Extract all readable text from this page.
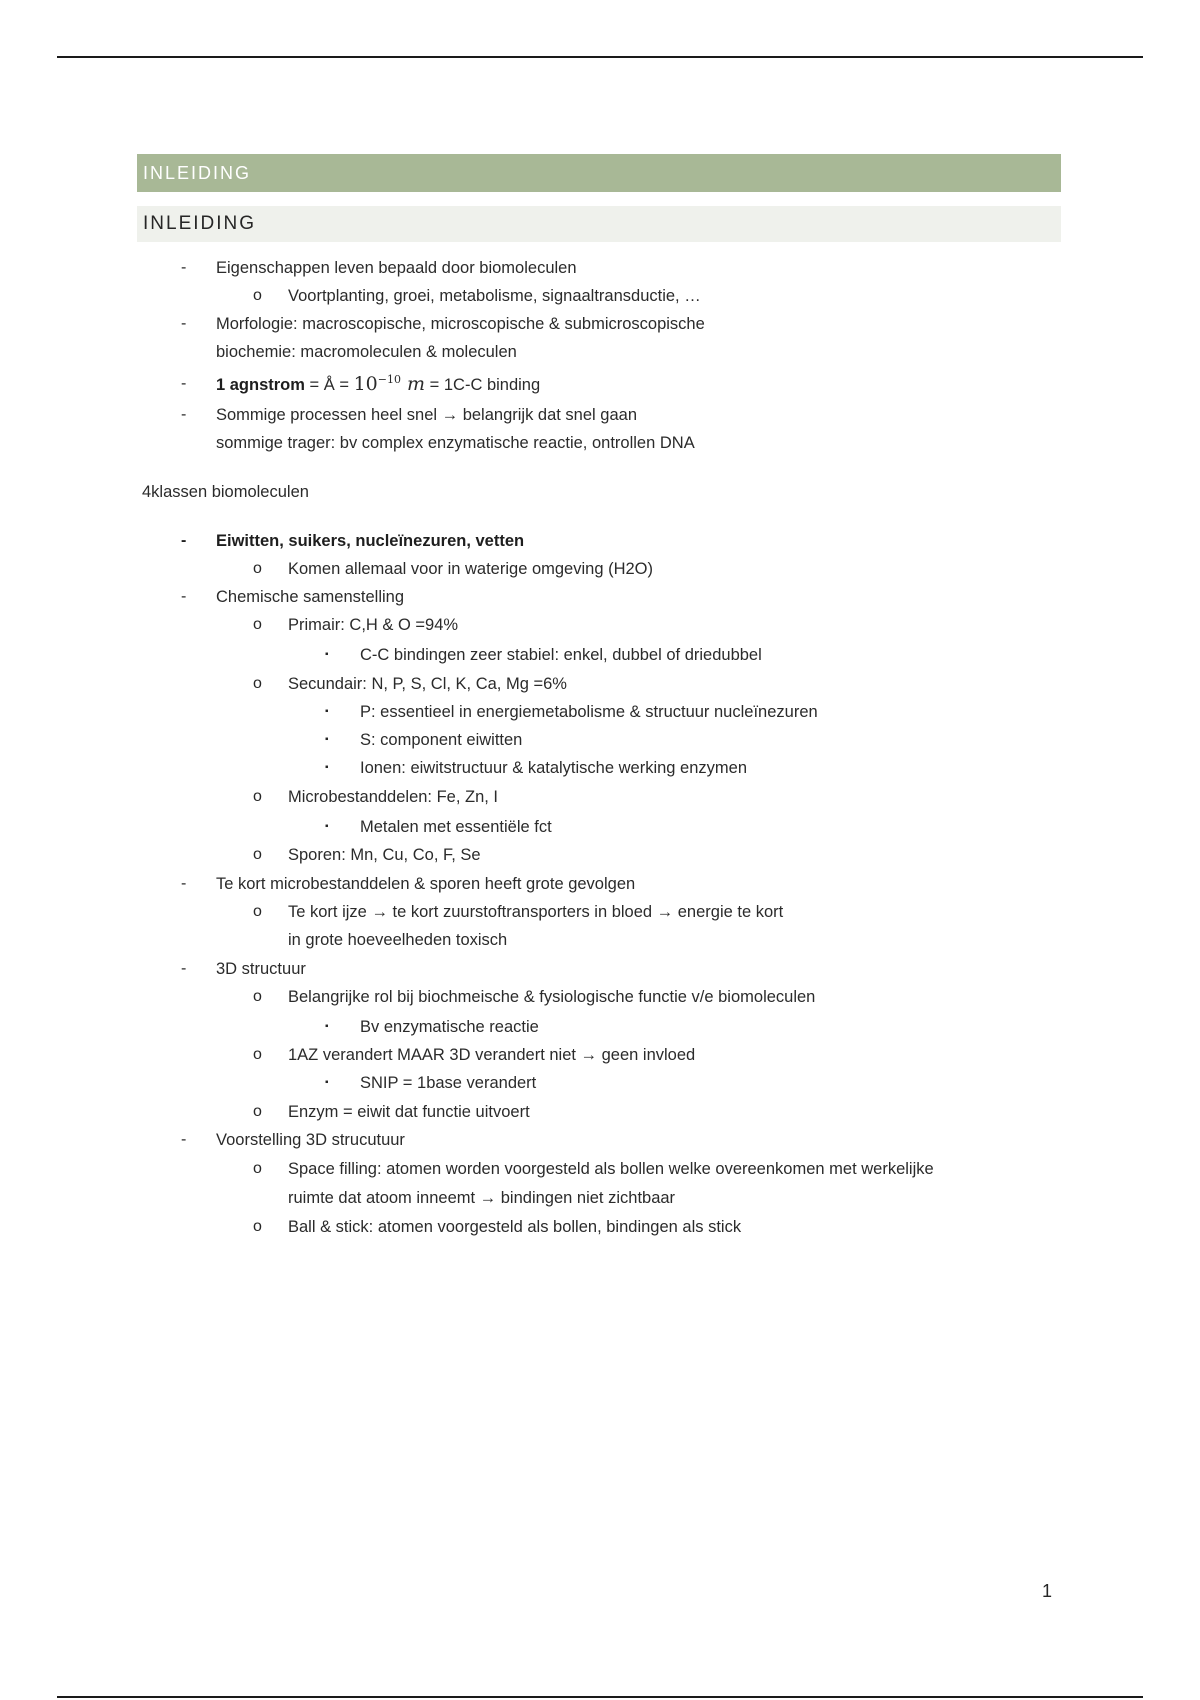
INLEIDING
INLEIDING
- Eigenschappen leven bepaald door biomoleculen
o Voortplanting, groei, metabolisme, signaaltransductie, …
- Morfologie: macroscopische, microscopische & submicroscopische
biochemie: macromoleculen & moleculen
- 1 agnstrom = Å = $10^{-10}$ m = 1C-C binding
- Sommige processen heel snel → belangrijk dat snel gaan
sommige trager: bv complex enzymatische reactie, ontrollen DNA
4klassen biomoleculen
- Eiwitten, suikers, nucleïnezuren, vetten
o Komen allemaal voor in waterige omgeving (H2O)
- Chemische samenstelling
o Primair: C,H & O =94%
▪ C-C bindingen zeer stabiel: enkel, dubbel of driedubbel
o Secundair: N, P, S, Cl, K, Ca, Mg =6%
▪ P: essentieel in energiemetabolisme & structuur nucleïnezuren
▪ S: component eiwitten
▪ Ionen: eiwitstructuur & katalytische werking enzymen
o Microbestanddelen: Fe, Zn, I
▪ Metalen met essentiële fct
o Sporen: Mn, Cu, Co, F, Se
- Te kort microbestanddelen & sporen heeft grote gevolgen
o Te kort ijze → te kort zuurstoftransporters in bloed → energie te kort
in grote hoeveelheden toxisch
- 3D structuur
o Belangrijke rol bij biochmeische & fysiologische functie v/e biomoleculen
▪ Bv enzymatische reactie
o 1AZ verandert MAAR 3D verandert niet → geen invloed
▪ SNIP = 1base verandert
o Enzym = eiwit dat functie uitvoert
- Voorstelling 3D strucutuur
o Space filling: atomen worden voorgesteld als bollen welke overeenkomen met werkelijke
ruimte dat atoom inneemt → bindingen niet zichtbaar
o Ball & stick: atomen voorgesteld als bollen, bindingen als stick
1
